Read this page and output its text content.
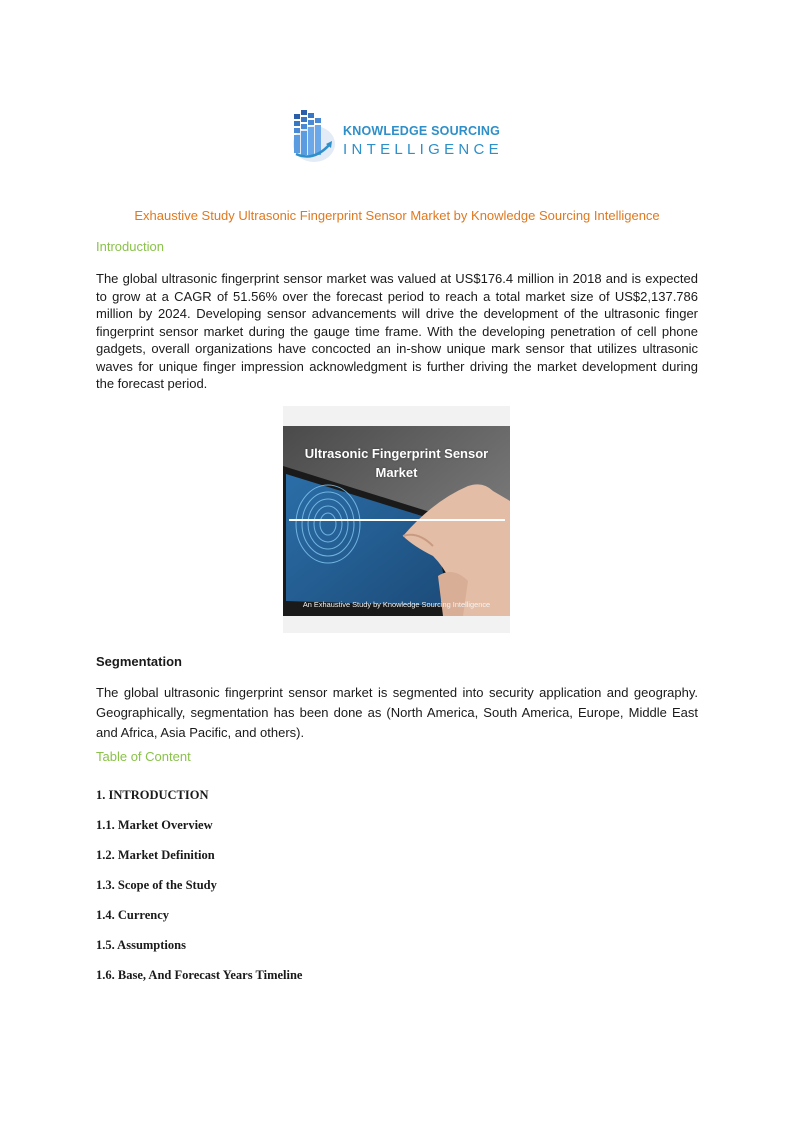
KNOWLEDGE SOURCING
INTELLIGENCE
Exhaustive Study Ultrasonic Fingerprint Sensor Market by Knowledge Sourcing Intelligence
Introduction
The global ultrasonic fingerprint sensor market was valued at US$176.4 million in 2018 and is expected to grow at a CAGR of 51.56% over the forecast period to reach a total market size of US$2,137.786 million by 2024. Developing sensor advancements will drive the development of the ultrasonic finger fingerprint sensor market during the gauge time frame. With the developing penetration of cell phone gadgets, overall organizations have concocted an in-show unique mark sensor that utilizes ultrasonic waves for unique finger impression acknowledgment is further driving the market development during the forecast period.
Ultrasonic Fingerprint Sensor Market
An Exhaustive Study by Knowledge Sourcing Intelligence
Segmentation
The global ultrasonic fingerprint sensor market is segmented into security application and geography. Geographically, segmentation has been done as (North America, South America, Europe, Middle East and Africa, Asia Pacific, and others).
Table of Content
1. INTRODUCTION
1.1. Market Overview
1.2. Market Definition
1.3. Scope of the Study
1.4. Currency
1.5. Assumptions
1.6. Base, And Forecast Years Timeline
